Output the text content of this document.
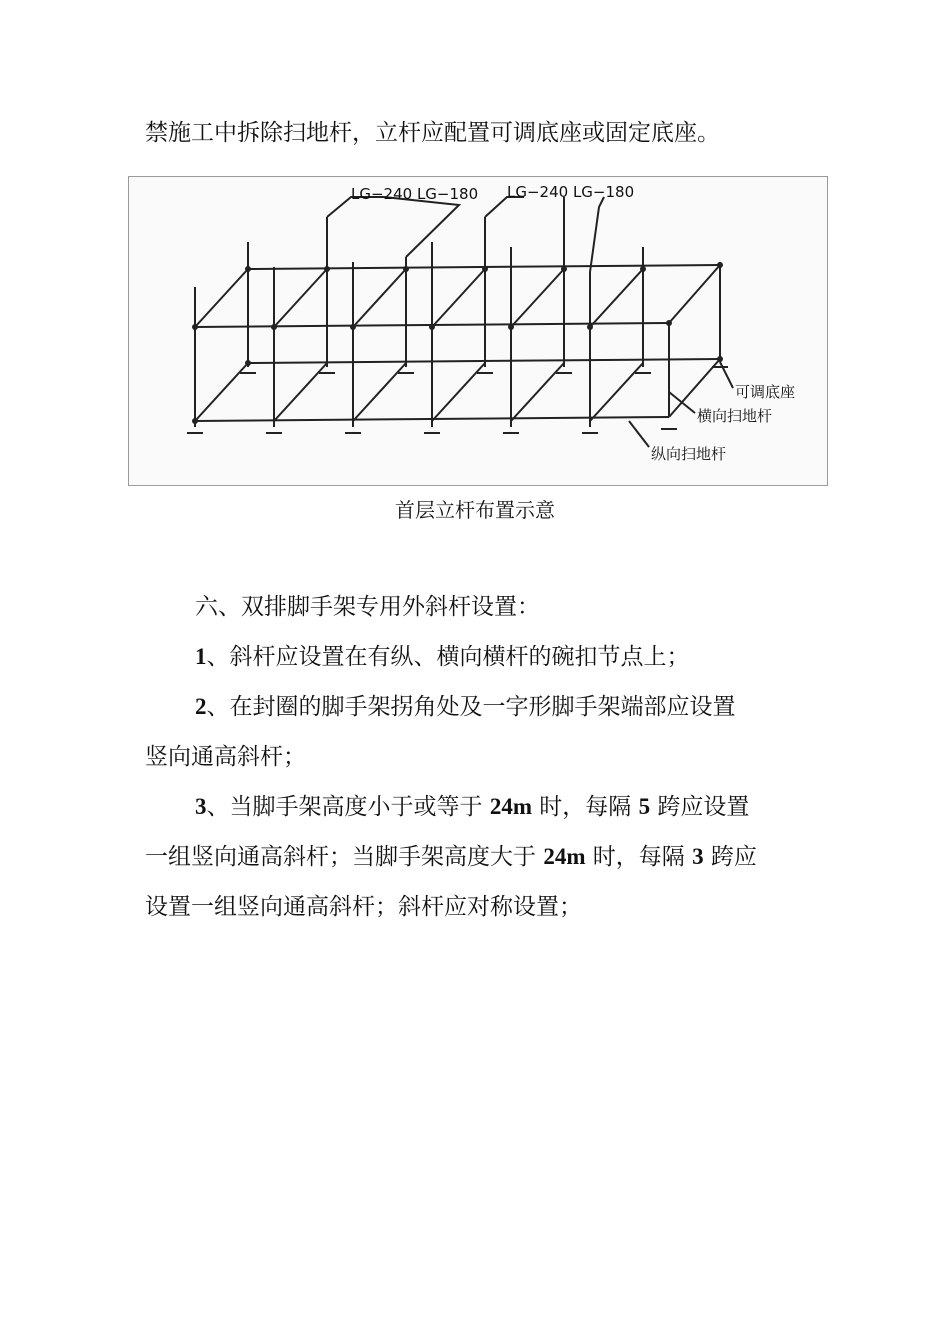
禁施工中拆除扫地杆，立杆应配置可调底座或固定底座。
LG−240 LG−180 LG−240 LG−180
可调底座
横向扫地杆
纵向扫地杆
首层立杆布置示意
六、双排脚手架专用外斜杆设置：
1、斜杆应设置在有纵、横向横杆的碗扣节点上；
2、在封圈的脚手架拐角处及一字形脚手架端部应设置
竖向通高斜杆；
3、当脚手架高度小于或等于 24m 时，每隔 5 跨应设置
一组竖向通高斜杆；当脚手架高度大于 24m 时，每隔 3 跨应
设置一组竖向通高斜杆；斜杆应对称设置；
